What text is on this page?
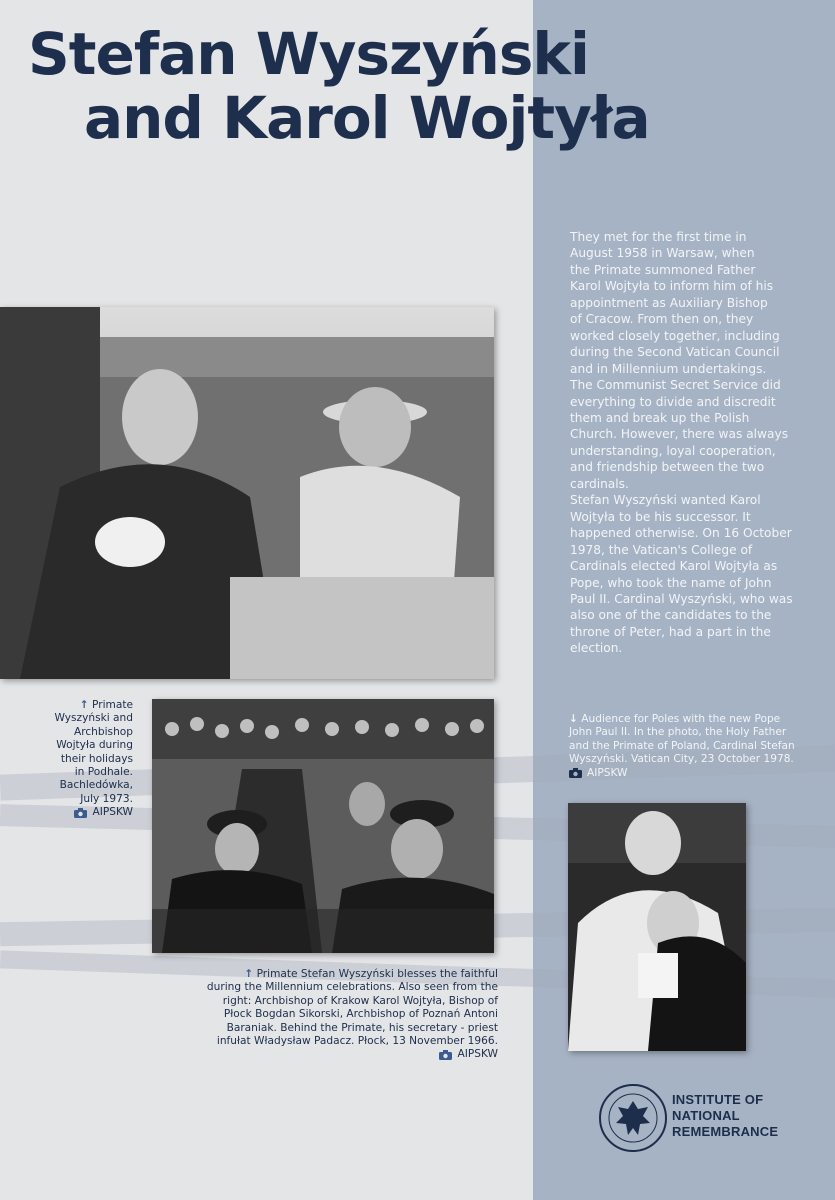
Stefan Wyszyński
and Karol Wojtyła

They met for the first time in

August 1958 in Warsaw, when

the Primate summoned Father

Karol Wojtyła to inform him of his

appointment as Auxiliary Bishop

of Cracow. From then on, they

worked closely together, including

during the Second Vatican Council

and in Millennium undertakings.

The Communist Secret Service did

everything to divide and discredit

them and break up the Polish

Church. However, there was always

understanding, loyal cooperation,

and friendship between the two

cardinals.

Stefan Wyszyński wanted Karol

Wojtyła to be his successor. It

happened otherwise. On 16 October

1978, the Vatican's College of

Cardinals elected Karol Wojtyła as

Pope, who took the name of John

Paul II. Cardinal Wyszyński, who was

also one of the candidates to the

throne of Peter, had a part in the

election.

↑ Primate
Wyszyński and
Archbishop
Wojtyła during
their holidays
in Podhale.
Bachledówka,
July 1973.
AIPSKW
↑ Primate Stefan Wyszyński blesses the faithful
during the Millennium celebrations. Also seen from the
right: Archbishop of Krakow Karol Wojtyła, Bishop of
Płock Bogdan Sikorski, Archbishop of Poznań Antoni
Baraniak. Behind the Primate, his secretary - priest
infułat Władysław Padacz. Płock, 13 November 1966.
AIPSKW
↓ Audience for Poles with the new Pope
John Paul II. In the photo, the Holy Father
and the Primate of Poland, Cardinal Stefan
Wyszyński. Vatican City, 23 October 1978.
AIPSKW
INSTITUTE OF
NATIONAL
REMEMBRANCE
